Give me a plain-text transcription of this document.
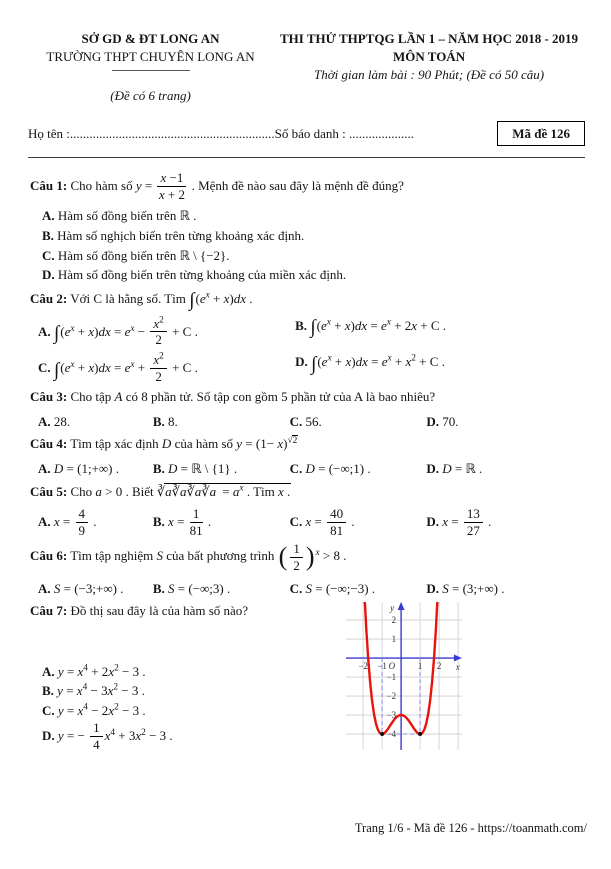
SỞ GD & ĐT LONG AN
TRƯỜNG THPT CHUYÊN LONG AN
(Đề có 6 trang)
THI THỬ THPTQG LẦN 1 – NĂM HỌC 2018 - 2019
MÔN TOÁN
Thời gian làm bài : 90 Phút; (Đề có 50 câu)
Họ tên :............................................................... Số báo danh : ....................	Mã đề 126
Câu 1: Cho hàm số $y = \frac{x -1}{x + 2}$ . Mệnh đề nào sau đây là mệnh đề đúng?
A. Hàm số đồng biến trên ℝ .
B. Hàm số nghịch biến trên từng khoảng xác định.
C. Hàm số đồng biến trên ℝ \ {−2}.
D. Hàm số đồng biến trên từng khoảng của miền xác định.
Câu 2: Với C là hằng số. Tìm $\int(e^x + x)dx$ .
A. $\int(e^x + x)dx = e^x - \frac{x^2}{2} + C$ .	B. $\int(e^x + x)dx = e^x + 2x + C$ .
C. $\int(e^x + x)dx = e^x + \frac{x^2}{2} + C$ .	D. $\int(e^x + x)dx = e^x + x^2 + C$ .
Câu 3: Cho tập A có 8 phần tử. Số tập con gồm 5 phần tử của A là bao nhiêu?
A. 28.	B. 8.	C. 56.	D. 70.
Câu 4: Tìm tập xác định D của hàm số $y = (1- x)^{√2}$
A. D = (1;+∞) .	B. D = ℝ \ {1} .	C. D = (−∞;1) .	D. D = ℝ .
Câu 5: Cho a > 0 . Biết ∛a∛a∛a∛a = $a^x$ . Tìm x .
A. $x = \frac{4}{9}$ .	B. $x = \frac{1}{81}$ .	C. $x = \frac{40}{81}$ .	D. $x = \frac{13}{27}$ .
Câu 6: Tìm tập nghiệm S của bất phương trình ( $\frac{1}{2}$ ) $^x$ > 8 .
A. S = (−3;+∞) .	B. S = (−∞;3) .	C. S = (−∞;−3) .	D. S = (3;+∞) .
Câu 7: Đồ thị sau đây là của hàm số nào?
A. $y = x^4 + 2x^2 - 3$ .
B. $y = x^4 - 3x^2 - 3$ .
C. $y = x^4 - 2x^2 - 3$ .
D. y = − $\frac{1}{4} x^4 + 3x^2 - 3$ .
−2 −1	1 2
2
1
−1
−2
−3
−4
O	x
y
Trang 1/6 - Mã đề 126 - https://toanmath.com/
